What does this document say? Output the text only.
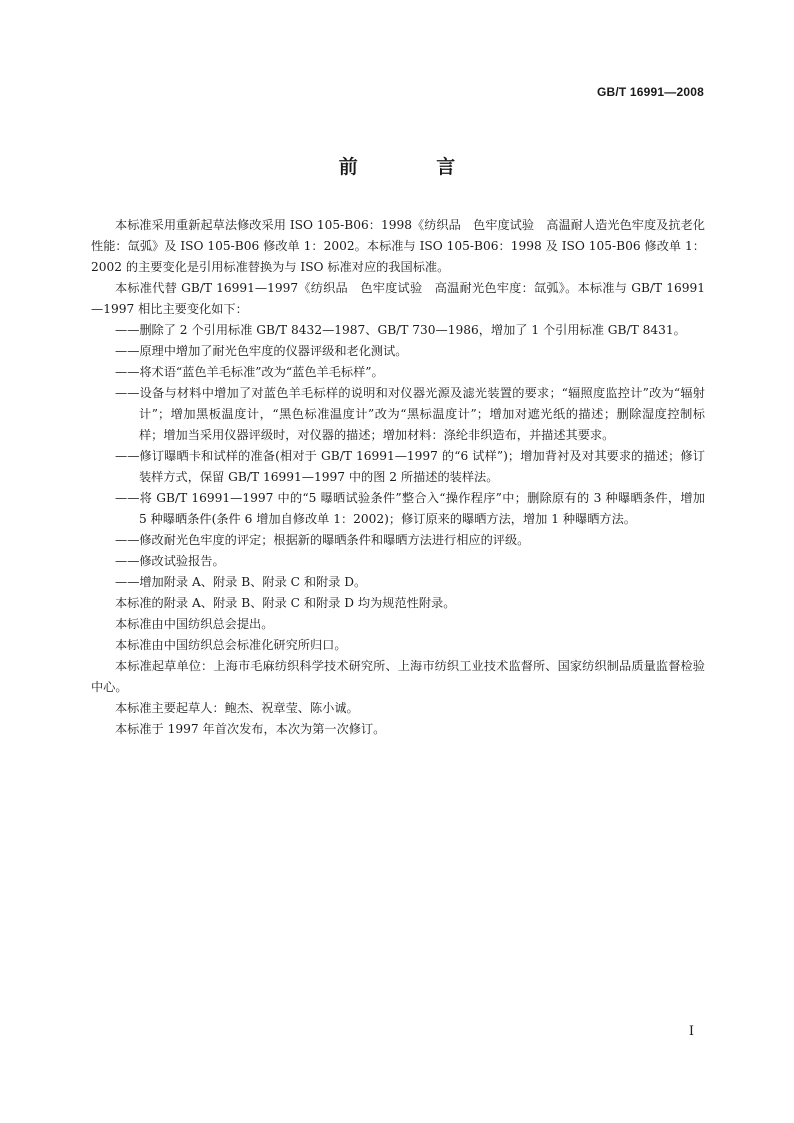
GB/T 16991—2008
前 言

本标准采用重新起草法修改采用 ISO 105-B06：1998《纺织品　色牢度试验　高温耐人造光色牢度及抗老化性能：氙弧》及 ISO 105-B06 修改单 1：2002。本标准与 ISO 105-B06：1998 及 ISO 105-B06 修改单 1：2002 的主要变化是引用标准替换为与 ISO 标准对应的我国标准。

本标准代替 GB/T 16991—1997《纺织品　色牢度试验　高温耐光色牢度：氙弧》。本标准与 GB/T 16991—1997 相比主要变化如下：

——删除了 2 个引用标准 GB/T 8432—1987、GB/T 730—1986，增加了 1 个引用标准 GB/T 8431。

——原理中增加了耐光色牢度的仪器评级和老化测试。

——将术语“蓝色羊毛标准”改为“蓝色羊毛标样”。

——设备与材料中增加了对蓝色羊毛标样的说明和对仪器光源及滤光装置的要求；“辐照度监控计”改为“辐射计”；增加黑板温度计，“黑色标准温度计”改为“黑标温度计”；增加对遮光纸的描述；删除湿度控制标样；增加当采用仪器评级时，对仪器的描述；增加材料：涤纶非织造布，并描述其要求。

——修订曝晒卡和试样的准备(相对于 GB/T 16991—1997 的“6 试样”)；增加背衬及对其要求的描述；修订装样方式，保留 GB/T 16991—1997 中的图 2 所描述的装样法。

——将 GB/T 16991—1997 中的“5 曝晒试验条件”整合入“操作程序”中；删除原有的 3 种曝晒条件，增加 5 种曝晒条件(条件 6 增加自修改单 1：2002)；修订原来的曝晒方法，增加 1 种曝晒方法。

——修改耐光色牢度的评定；根据新的曝晒条件和曝晒方法进行相应的评级。

——修改试验报告。

——增加附录 A、附录 B、附录 C 和附录 D。

本标准的附录 A、附录 B、附录 C 和附录 D 均为规范性附录。

本标准由中国纺织总会提出。

本标准由中国纺织总会标准化研究所归口。

本标准起草单位：上海市毛麻纺织科学技术研究所、上海市纺织工业技术监督所、国家纺织制品质量监督检验中心。

本标准主要起草人：鲍杰、祝章莹、陈小诚。

本标准于 1997 年首次发布，本次为第一次修订。

I
